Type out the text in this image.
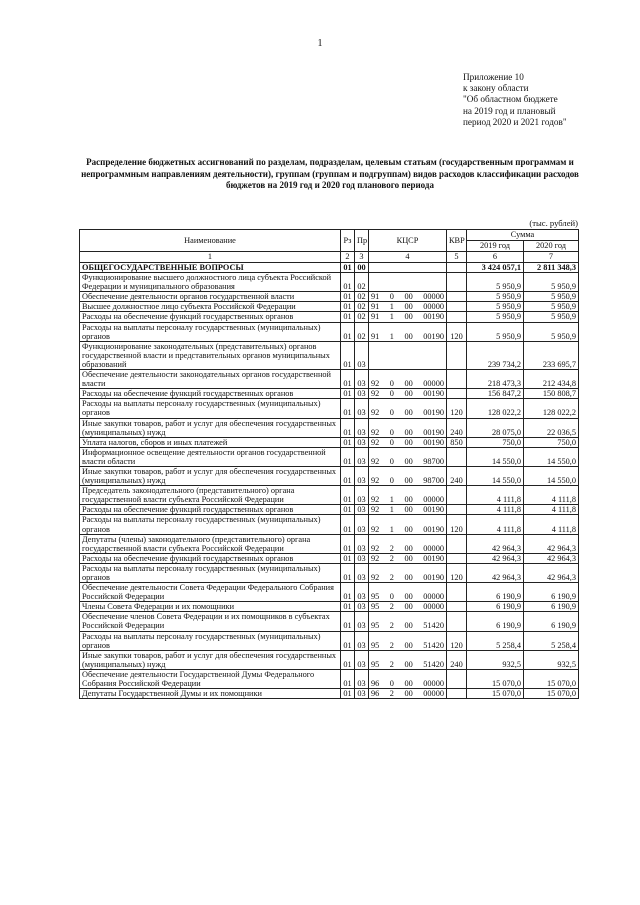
1
Приложение 10
к закону области
"Об областном бюджете
на 2019 год и плановый
период 2020 и 2021 годов"
Распределение бюджетных ассигнований по разделам, подразделам, целевым статьям (государственным программам и непрограммным направлениям деятельности), группам (группам и подгруппам) видов расходов классификации расходов бюджетов на 2019 год и 2020 год планового периода
(тыс. рублей)
Наименование	Рз	Пр	КЦСР	КВР	Сумма	
					2019 год	2020 год
1	2	3	4	5	6	7
ОБЩЕГОСУДАРСТВЕННЫЕ ВОПРОСЫ	01	00			3 424 057,1	2 811 348,3
Функционирование высшего должностного лица субъекта Российской Федерации и муниципального образования	01	02			5 950,9	5 950,9
Обеспечение деятельности органов государственной власти	01	02	91 0 00 00000		5 950,9	5 950,9
Высшее должностное лицо субъекта Российской Федерации	01	02	91 1 00 00000		5 950,9	5 950,9
Расходы на обеспечение функций государственных органов	01	02	91 1 00 00190		5 950,9	5 950,9
Расходы на выплаты персоналу государственных (муниципальных) органов	01	02	91 1 00 00190	120	5 950,9	5 950,9
Функционирование законодательных (представительных) органов государственной власти и представительных органов муниципальных образований	01	03			239 734,2	233 695,7
Обеспечение деятельности законодательных органов государственной власти	01	03	92 0 00 00000		218 473,3	212 434,8
Расходы на обеспечение функций государственных органов	01	03	92 0 00 00190		156 847,2	150 808,7
Расходы на выплаты персоналу государственных (муниципальных) органов	01	03	92 0 00 00190	120	128 022,2	128 022,2
Иные закупки товаров, работ и услуг для обеспечения государственных (муниципальных) нужд	01	03	92 0 00 00190	240	28 075,0	22 036,5
Уплата налогов, сборов и иных платежей	01	03	92 0 00 00190	850	750,0	750,0
Информационное освещение деятельности органов государственной власти области	01	03	92 0 00 98700		14 550,0	14 550,0
Иные закупки товаров, работ и услуг для обеспечения государственных (муниципальных) нужд	01	03	92 0 00 98700	240	14 550,0	14 550,0
Председатель законодательного (представительного) органа государственной власти субъекта Российской Федерации	01	03	92 1 00 00000		4 111,8	4 111,8
Расходы на обеспечение функций государственных органов	01	03	92 1 00 00190		4 111,8	4 111,8
Расходы на выплаты персоналу государственных (муниципальных) органов	01	03	92 1 00 00190	120	4 111,8	4 111,8
Депутаты (члены) законодательного (представительного) органа государственной власти субъекта Российской Федерации	01	03	92 2 00 00000		42 964,3	42 964,3
Расходы на обеспечение функций государственных органов	01	03	92 2 00 00190		42 964,3	42 964,3
Расходы на выплаты персоналу государственных (муниципальных) органов	01	03	92 2 00 00190	120	42 964,3	42 964,3
Обеспечение деятельности Совета Федерации Федерального Собрания Российской Федерации	01	03	95 0 00 00000		6 190,9	6 190,9
Члены Совета Федерации и их помощники	01	03	95 2 00 00000		6 190,9	6 190,9
Обеспечение членов Совета Федерации и их помощников в субъектах Российской Федерации	01	03	95 2 00 51420		6 190,9	6 190,9
Расходы на выплаты персоналу государственных (муниципальных) органов	01	03	95 2 00 51420	120	5 258,4	5 258,4
Иные закупки товаров, работ и услуг для обеспечения государственных (муниципальных) нужд	01	03	95 2 00 51420	240	932,5	932,5
Обеспечение деятельности Государственной Думы Федерального Собрания Российской Федерации	01	03	96 0 00 00000		15 070,0	15 070,0
Депутаты Государственной Думы и их помощники	01	03	96 2 00 00000		15 070,0	15 070,0
